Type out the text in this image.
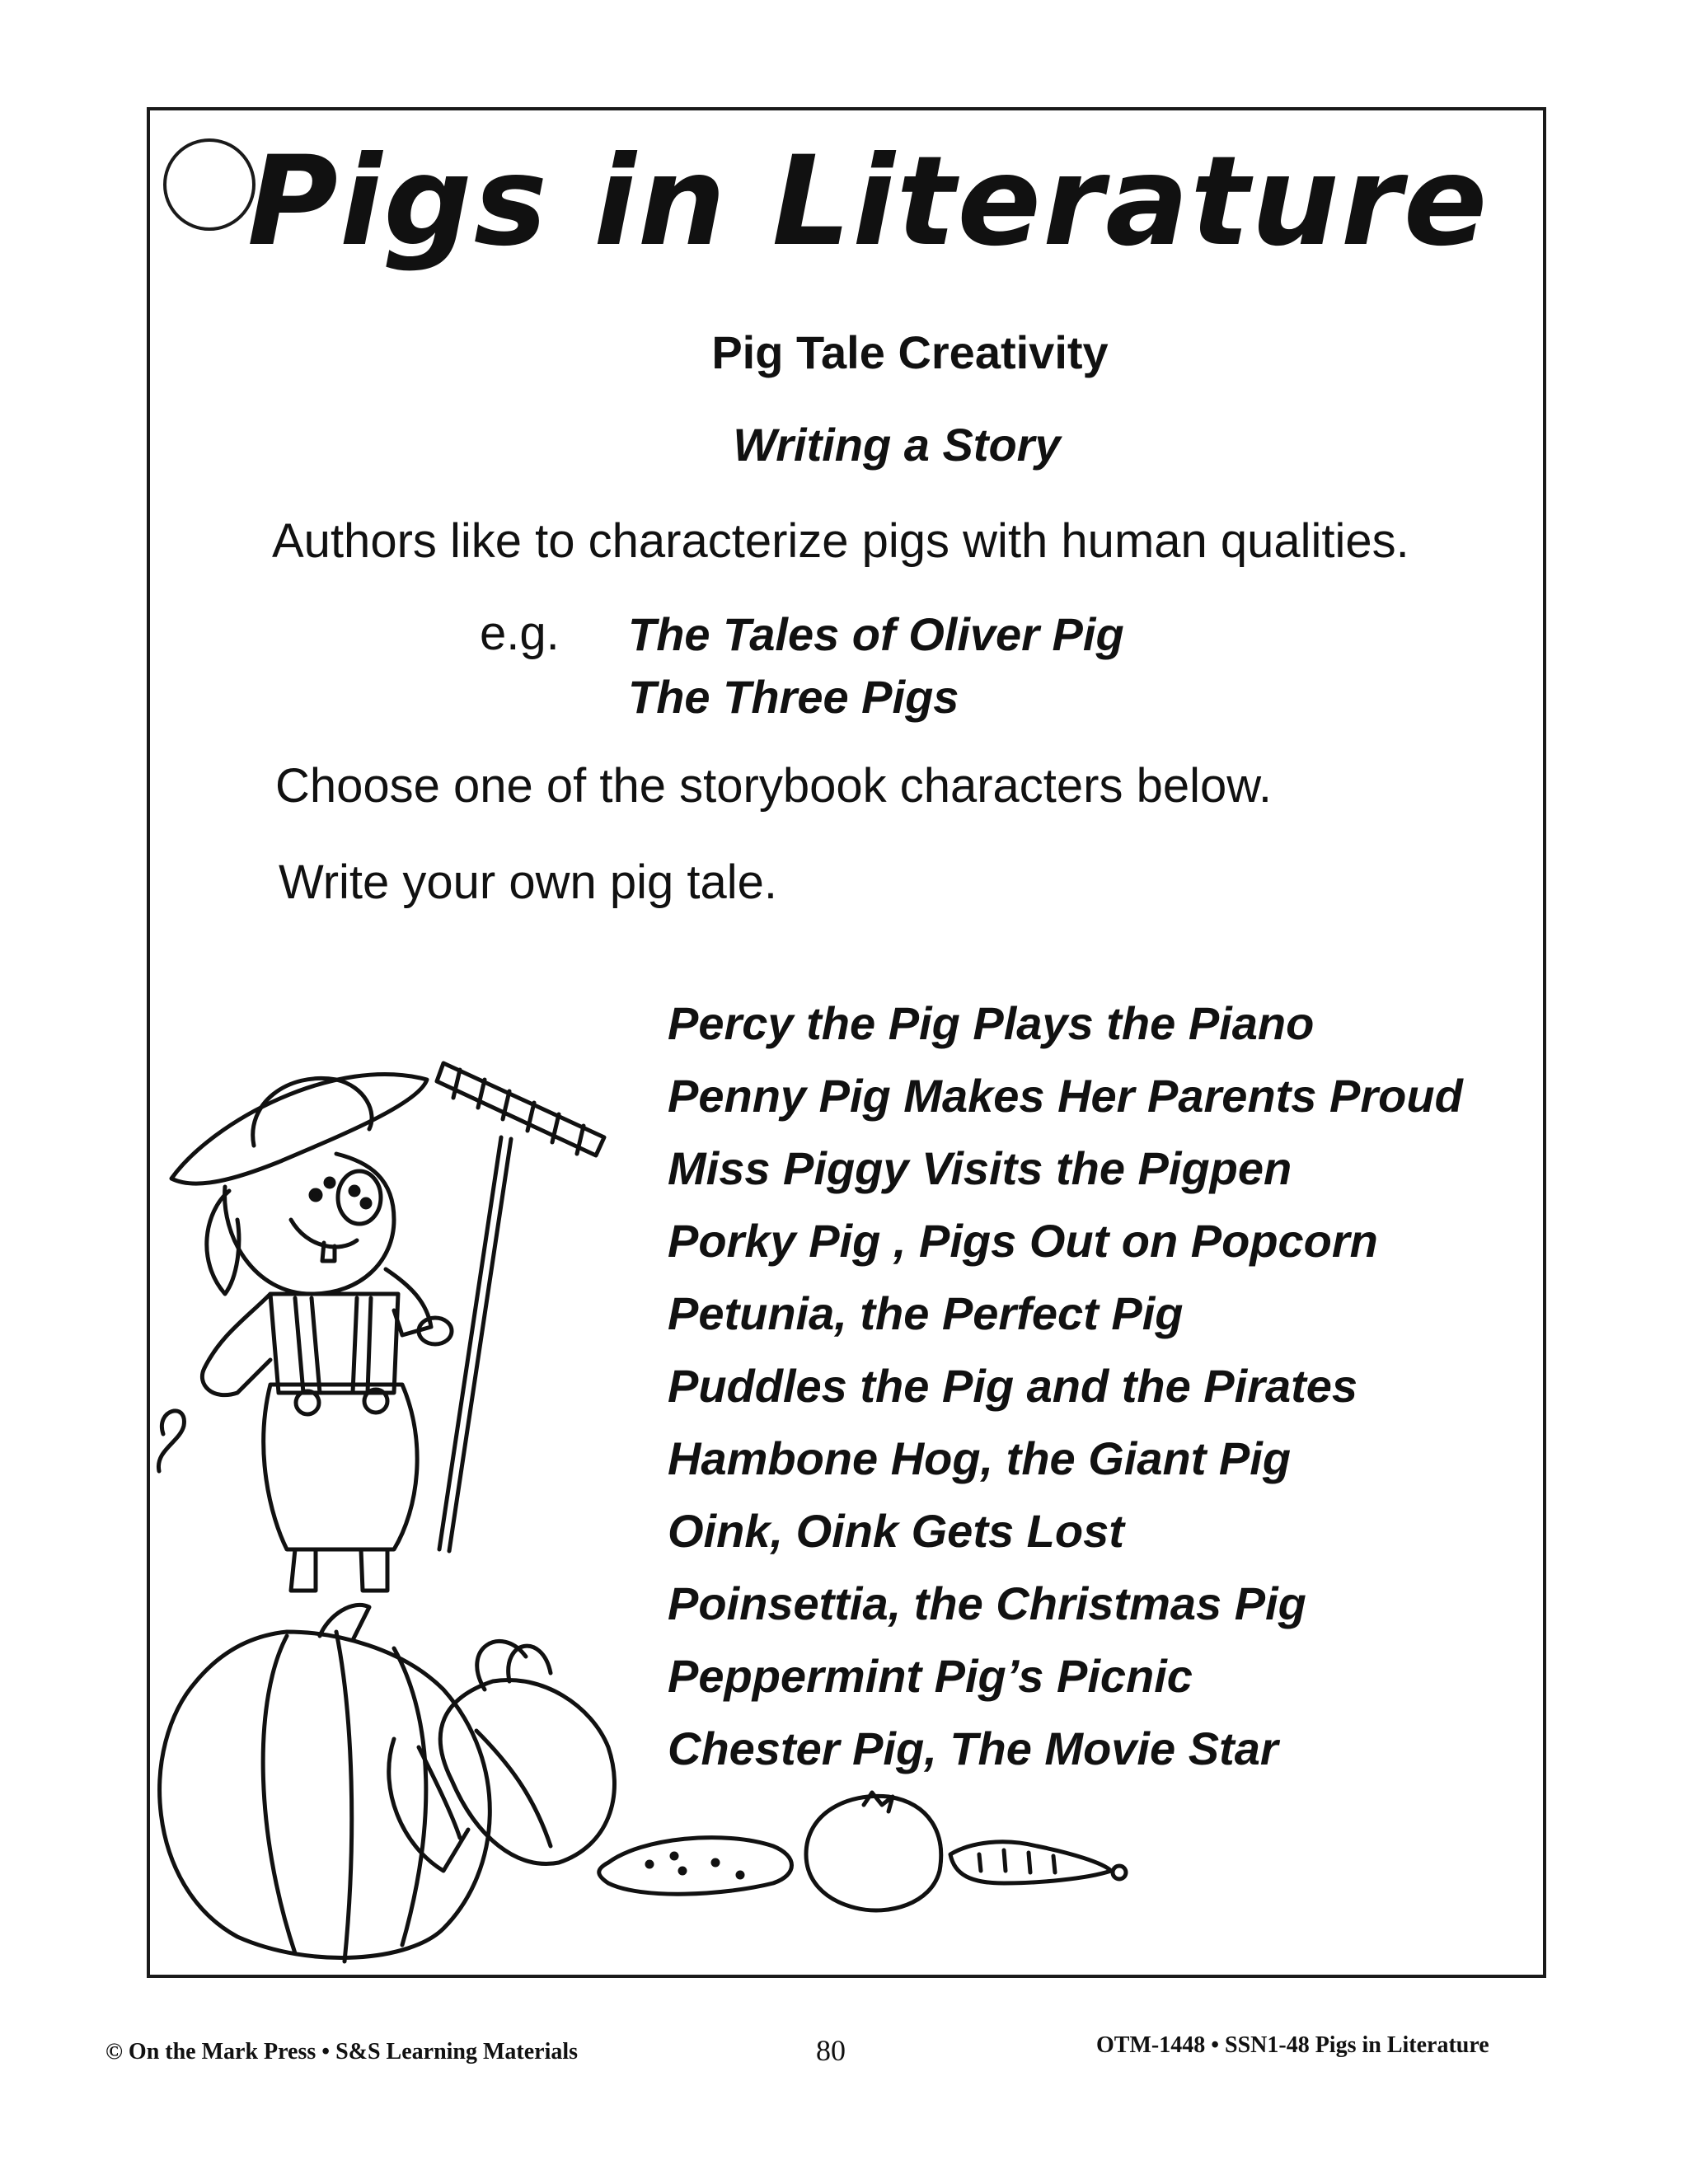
Pigs in Literature
Pig Tale Creativity
Writing a Story
Authors like to characterize pigs with human qualities.
e.g. The Tales of Oliver Pig
The Three Pigs
Choose one of the storybook characters below.
Write your own pig tale.
Percy the Pig Plays the Piano
Penny Pig Makes Her Parents Proud
Miss Piggy Visits the Pigpen
Porky Pig , Pigs Out on Popcorn
Petunia, the Perfect Pig
Puddles the Pig and the Pirates
Hambone Hog, the Giant Pig
Oink, Oink Gets Lost
Poinsettia, the Christmas Pig
Peppermint Pig’s Picnic
Chester Pig, The Movie Star
© On the Mark Press • S&S Learning Materials	80	OTM-1448 • SSN1-48 Pigs in Literature
